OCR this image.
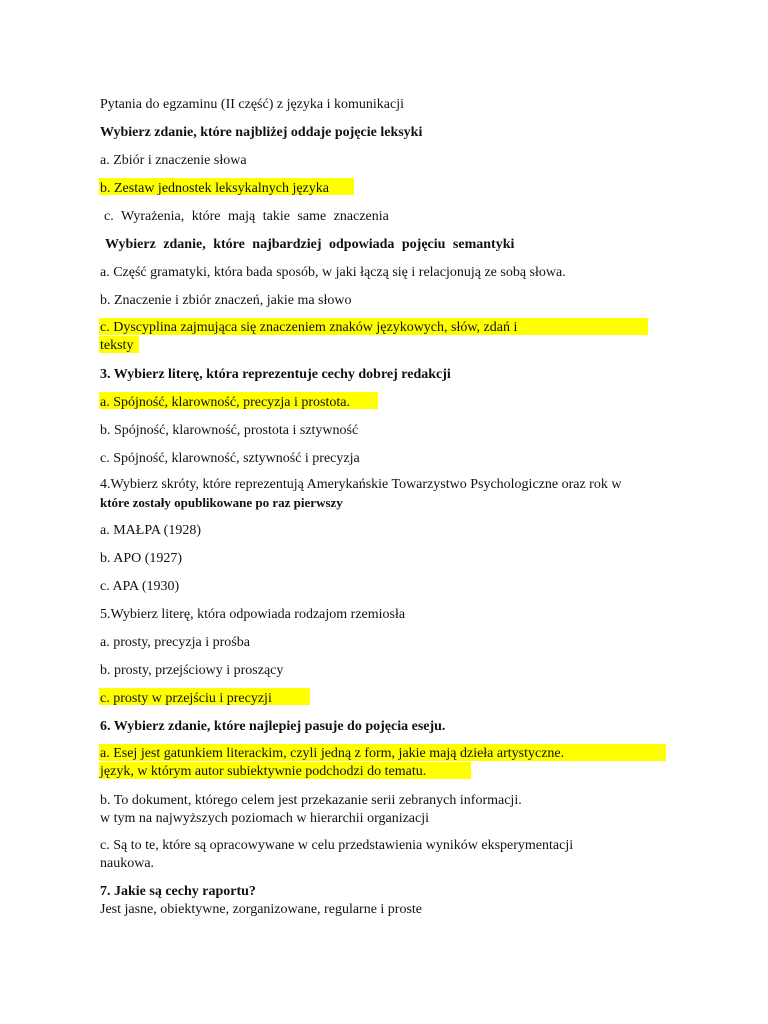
Pytania do egzaminu (II część) z języka i komunikacji
Wybierz zdanie, które najbliżej oddaje pojęcie leksyki
a. Zbiór i znaczenie słowa
b. Zestaw jednostek leksykalnych języka
c. Wyrażenia, które mają takie same znaczenia
Wybierz zdanie, które najbardziej odpowiada pojęciu semantyki
a. Część gramatyki, która bada sposób, w jaki łączą się i relacjonują ze sobą słowa.
b. Znaczenie i zbiór znaczeń, jakie ma słowo
c. Dyscyplina zajmująca się znaczeniem znaków językowych, słów, zdań i
teksty
3. Wybierz literę, która reprezentuje cechy dobrej redakcji
a. Spójność, klarowność, precyzja i prostota.
b. Spójność, klarowność, prostota i sztywność
c. Spójność, klarowność, sztywność i precyzja
4.Wybierz skróty, które reprezentują Amerykańskie Towarzystwo Psychologiczne oraz rok w
które zostały opublikowane po raz pierwszy
a. MAŁPA (1928)
b. APO (1927)
c. APA (1930)
5.Wybierz literę, która odpowiada rodzajom rzemiosła
a. prosty, precyzja i prośba
b. prosty, przejściowy i proszący
c. prosty w przejściu i precyzji
6. Wybierz zdanie, które najlepiej pasuje do pojęcia eseju.
a. Esej jest gatunkiem literackim, czyli jedną z form, jakie mają dzieła artystyczne.
język, w którym autor subiektywnie podchodzi do tematu.
b. To dokument, którego celem jest przekazanie serii zebranych informacji.
w tym na najwyższych poziomach w hierarchii organizacji
c. Są to te, które są opracowywane w celu przedstawienia wyników eksperymentacji
naukowa.
7. Jakie są cechy raportu?
Jest jasne, obiektywne, zorganizowane, regularne i proste
